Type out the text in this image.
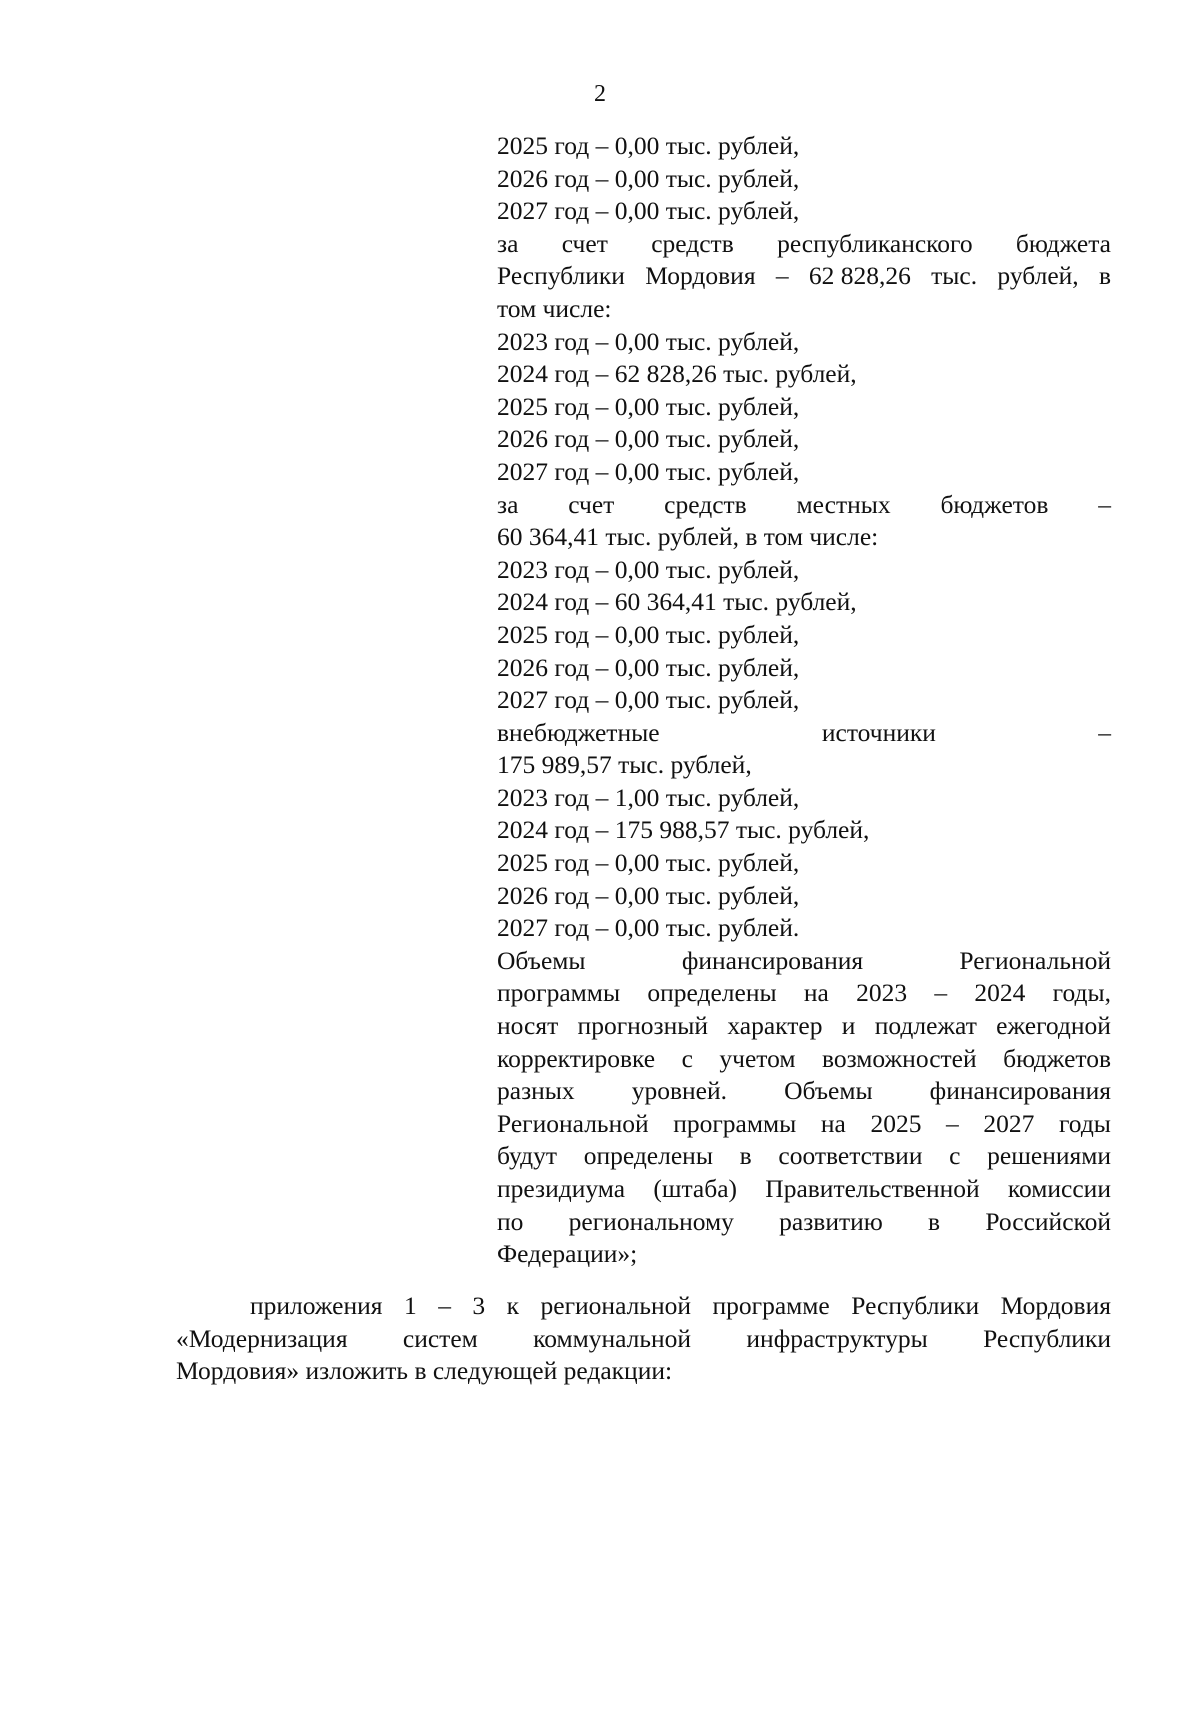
2
2025 год – 0,00 тыс. рублей,
2026 год – 0,00 тыс. рублей,
2027 год – 0,00 тыс. рублей,
за счет средств республиканского бюджета
Республики Мордовия – 62 828,26 тыс. рублей, в
том числе:
2023 год – 0,00 тыс. рублей,
2024 год – 62 828,26 тыс. рублей,
2025 год – 0,00 тыс. рублей,
2026 год – 0,00 тыс. рублей,
2027 год – 0,00 тыс. рублей,
за счет средств местных бюджетов –
60 364,41 тыс. рублей, в том числе:
2023 год – 0,00 тыс. рублей,
2024 год – 60 364,41 тыс. рублей,
2025 год – 0,00 тыс. рублей,
2026 год – 0,00 тыс. рублей,
2027 год – 0,00 тыс. рублей,
внебюджетные	источники	–
175 989,57 тыс. рублей,
2023 год – 1,00 тыс. рублей,
2024 год – 175 988,57 тыс. рублей,
2025 год – 0,00 тыс. рублей,
2026 год – 0,00 тыс. рублей,
2027 год – 0,00 тыс. рублей.
Объемы	финансирования	Региональной
программы определены на 2023 – 2024 годы,
носят прогнозный характер и подлежат ежегодной
корректировке с учетом возможностей бюджетов
разных уровней. Объемы финансирования
Региональной программы на 2025 – 2027 годы
будут определены в соответствии с решениями
президиума (штаба) Правительственной комиссии
по региональному развитию в Российской
Федерации»;
приложения 1 – 3 к региональной программе Республики Мордовия
«Модернизация систем коммунальной инфраструктуры Республики
Мордовия» изложить в следующей редакции:
